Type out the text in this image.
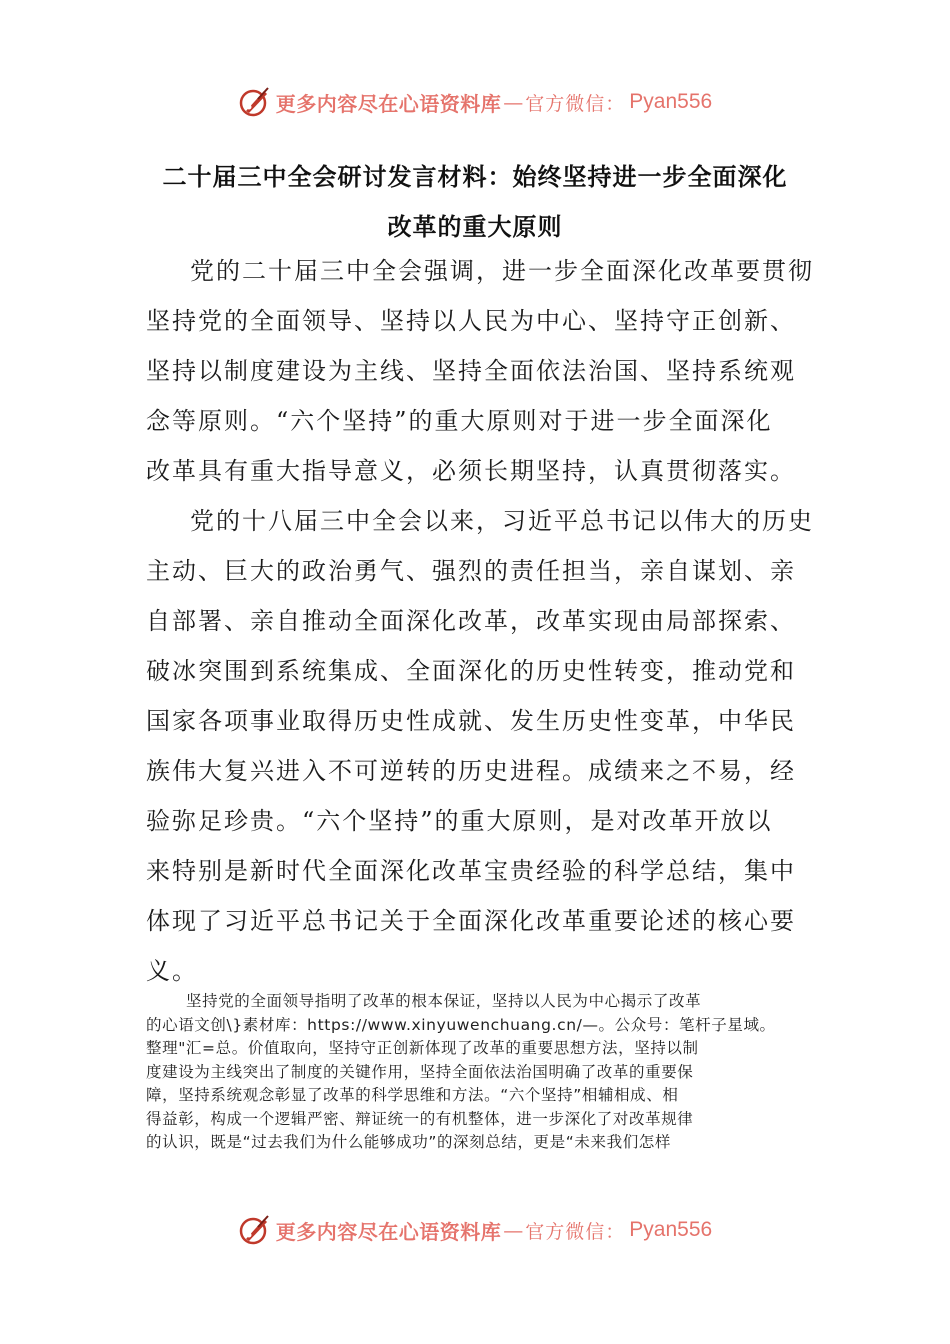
更多内容尽在心语资料库 — 官方微信： Pyan556
二十届三中全会研讨发言材料：始终坚持进一步全面深化
改革的重大原则

党的二十届三中全会强调，进一步全面深化改革要贯彻
坚持党的全面领导、坚持以人民为中心、坚持守正创新、
坚持以制度建设为主线、坚持全面依法治国、坚持系统观
念等原则。“六个坚持”的重大原则对于进一步全面深化
改革具有重大指导意义，必须长期坚持，认真贯彻落实。

党的十八届三中全会以来，习近平总书记以伟大的历史
主动、巨大的政治勇气、强烈的责任担当，亲自谋划、亲
自部署、亲自推动全面深化改革，改革实现由局部探索、
破冰突围到系统集成、全面深化的历史性转变，推动党和
国家各项事业取得历史性成就、发生历史性变革，中华民
族伟大复兴进入不可逆转的历史进程。成绩来之不易，经
验弥足珍贵。“六个坚持”的重大原则，是对改革开放以
来特别是新时代全面深化改革宝贵经验的科学总结，集中
体现了习近平总书记关于全面深化改革重要论述的核心要
义。

坚持党的全面领导指明了改革的根本保证，坚持以人民为中心揭示了改革
的心语文创\}素材库：https://www.xinyuwenchuang.cn/—。公众号：笔杆子星域。
整理"汇=总。价值取向，坚持守正创新体现了改革的重要思想方法，坚持以制
度建设为主线突出了制度的关键作用，坚持全面依法治国明确了改革的重要保
障，坚持系统观念彰显了改革的科学思维和方法。“六个坚持”相辅相成、相
得益彰，构成一个逻辑严密、辩证统一的有机整体，进一步深化了对改革规律
的认识，既是“过去我们为什么能够成功”的深刻总结，更是“未来我们怎样
更多内容尽在心语资料库 — 官方微信： Pyan556
